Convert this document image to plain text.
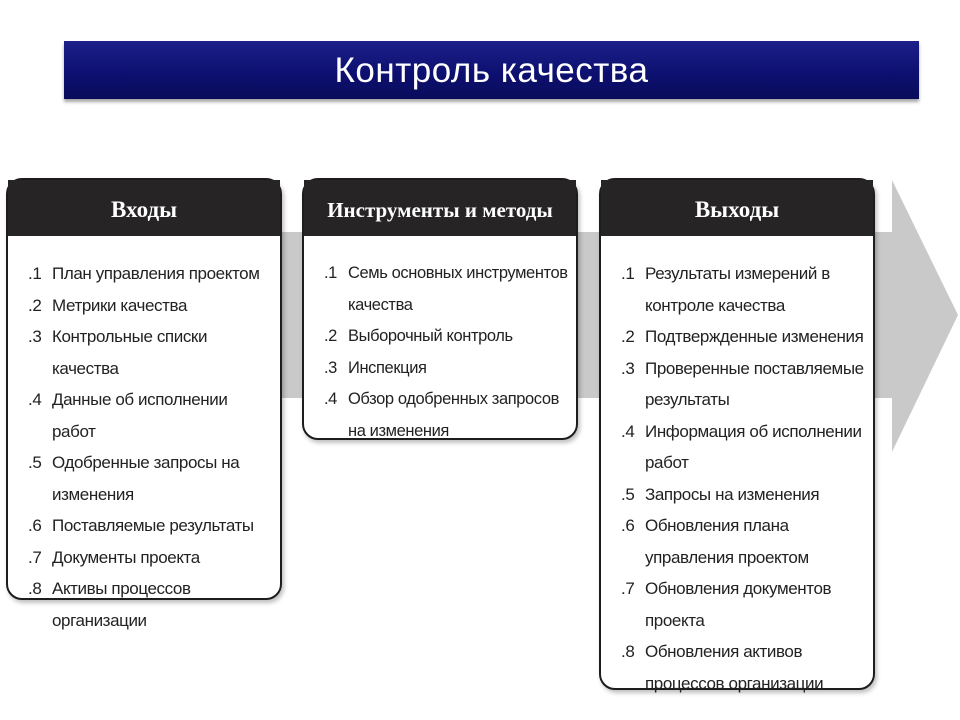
Контроль качества
Входы
.1 План управления проектом
.2 Метрики качества
.3 Контрольные списки качества
.4 Данные об исполнении работ
.5 Одобренные запросы на изменения
.6 Поставляемые результаты
.7 Документы проекта
.8 Активы процессов организации
Инструменты и методы
.1 Семь основных инструментов качества
.2 Выборочный контроль
.3 Инспекция
.4 Обзор одобренных запросов на изменения
Выходы
.1 Результаты измерений в контроле качества
.2 Подтвержденные изменения
.3 Проверенные поставляемые результаты
.4 Информация об исполнении работ
.5 Запросы на изменения
.6 Обновления плана управления проектом
.7 Обновления документов проекта
.8 Обновления активов процессов организации
